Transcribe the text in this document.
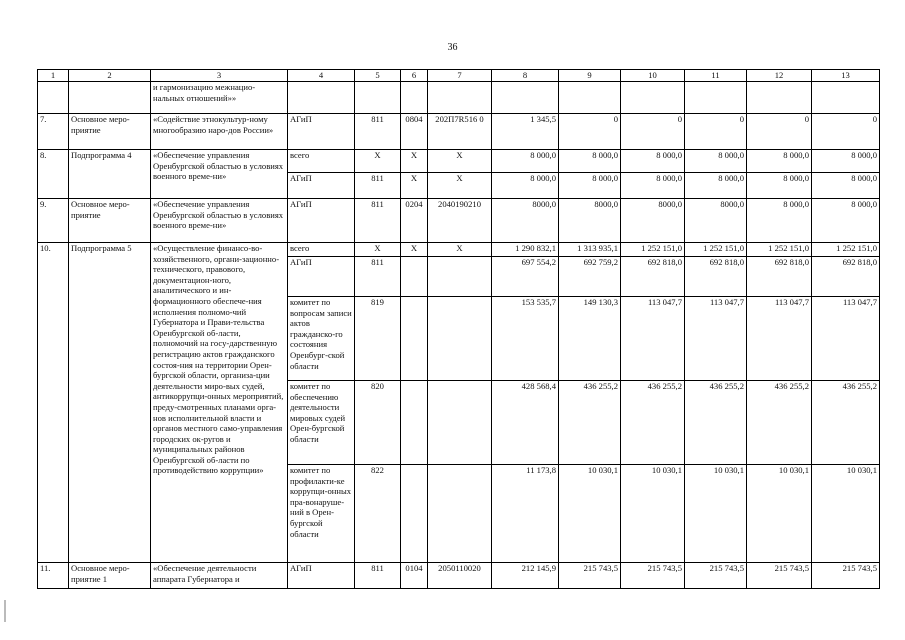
36
1	2	3	4	5	6	7	8	9	10	11	12	13
		и гармонизацию межнацио-нальных отношений»»										
7.	Основное меро-приятие	«Содействие этнокультур-ному многообразию наро-дов России»	АГиП	811	0804	202П7R516 0	1 345,5	0	0	0	0	0
8.	Подпрограмма 4	«Обеспечение управления Оренбургской областью в условиях военного време-ни»	всего	Х	Х	Х	8 000,0	8 000,0	8 000,0	8 000,0	8 000,0	8 000,0
			АГиП	811	Х	Х	8 000,0	8 000,0	8 000,0	8 000,0	8 000,0	8 000,0
9.	Основное меро-приятие	«Обеспечение управления Оренбургской областью в условиях военного време-ни»	АГиП	811	0204	2040190210	8000,0	8000,0	8000,0	8000,0	8 000,0	8 000,0
10.	Подпрограмма 5	«Осуществление финансо-во-хозяйственного, органи-зационно-технического, правового, документацион-ного, аналитического и ин-формационного обеспече-ния исполнения полномо-чий Губернатора и Прави-тельства Оренбургской об-ласти, полномочий на госу-дарственную регистрацию актов гражданского состоя-ния на территории Орен-бургской области, организа-ции деятельности миро-вых судей, антикоррупци-онных мероприятий, преду-смотренных планами орга-нов исполнительной власти и органов местного само-управления городских ок-ругов и муниципальных районов Оренбургской об-ласти по противодействию коррупции»	всего	Х	Х	Х	1 290 832,1	1 313 935,1	1 252 151,0	1 252 151,0	1 252 151,0	1 252 151,0
			АГиП	811			697 554,2	692 759,2	692 818,0	692 818,0	692 818,0	692 818,0
			комитет по вопросам записи актов гражданско-го состояния Оренбург-ской области	819			153 535,7	149 130,3	113 047,7	113 047,7	113 047,7	113 047,7
			комитет по обеспечению деятельности мировых судей Орен-бургской области	820			428 568,4	436 255,2	436 255,2	436 255,2	436 255,2	436 255,2
			комитет по профилакти-ке коррупци-онных пра-вонаруше-ний в Орен-бургской области	822			11 173,8	10 030,1	10 030,1	10 030,1	10 030,1	10 030,1
11.	Основное меро-приятие 1	«Обеспечение деятельности аппарата Губернатора и	АГиП	811	0104	2050110020	212 145,9	215 743,5	215 743,5	215 743,5	215 743,5	215 743,5
